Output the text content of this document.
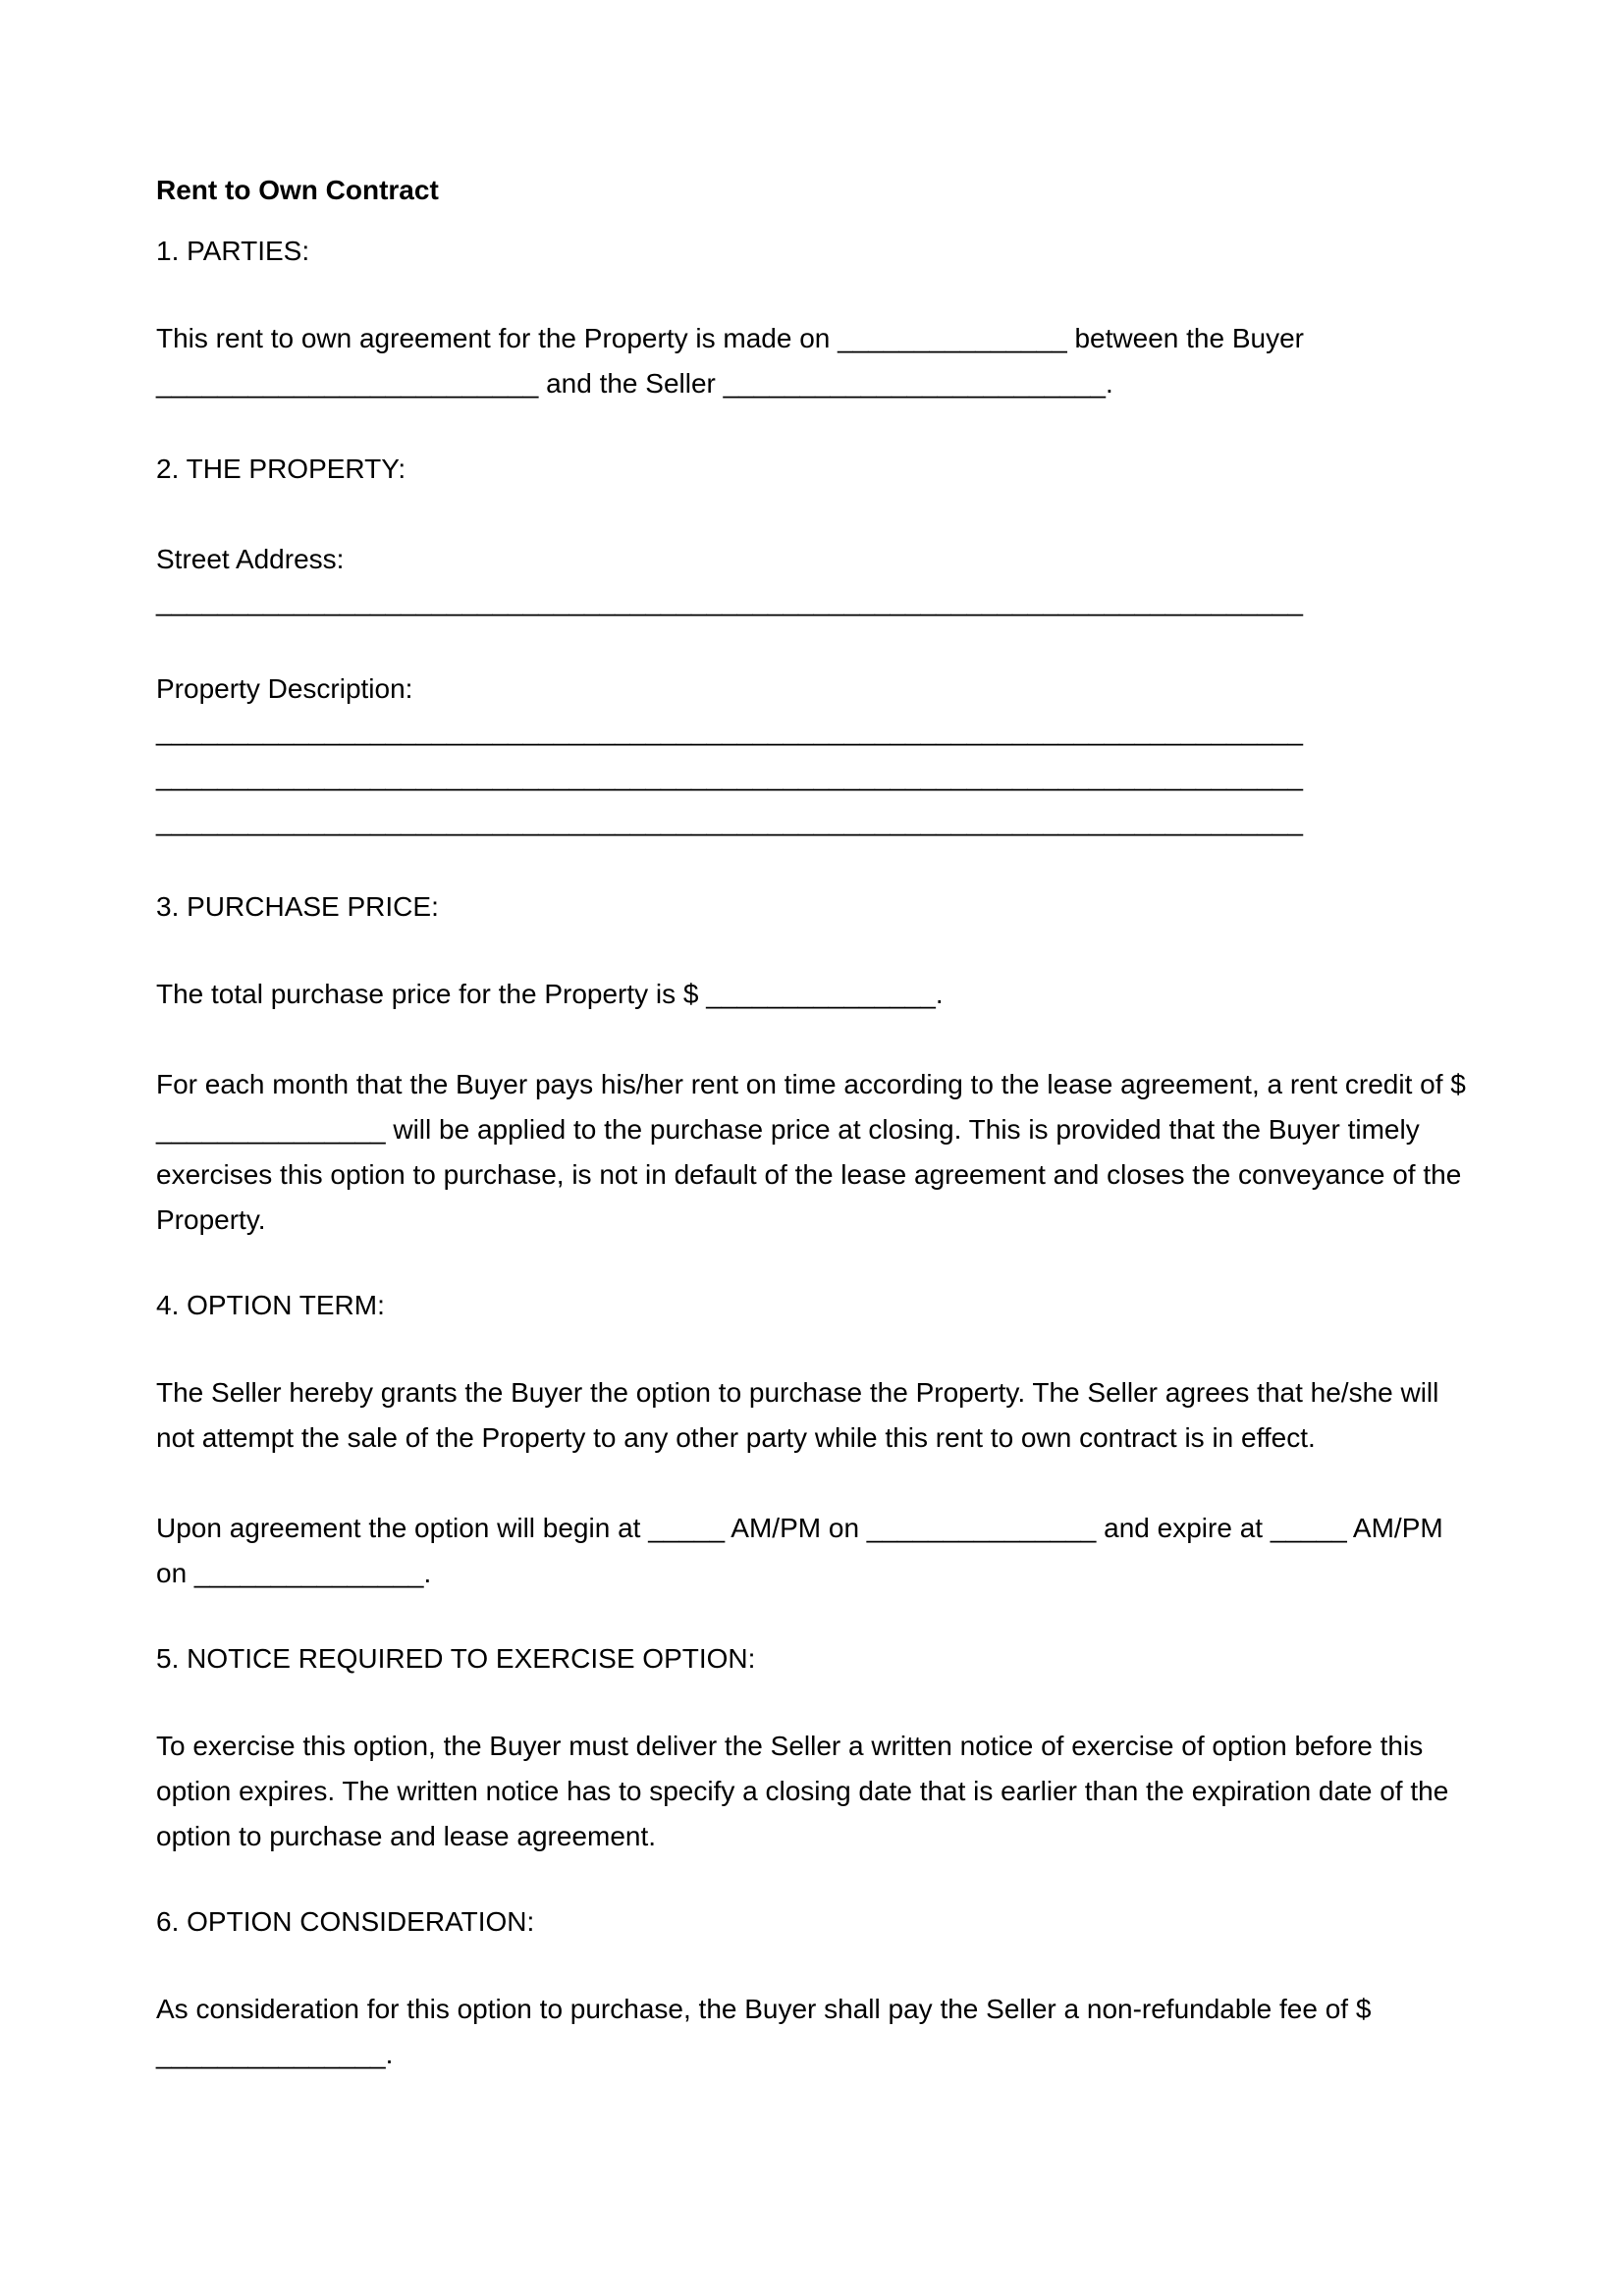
Rent to Own Contract

1. PARTIES:

This rent to own agreement for the Property is made on _______________ between the Buyer

_________________________ and the Seller _________________________.

2. THE PROPERTY:

Street Address:

___________________________________________________________________________

Property Description:

___________________________________________________________________________

___________________________________________________________________________

___________________________________________________________________________

3. PURCHASE PRICE:

The total purchase price for the Property is $ _______________.

For each month that the Buyer pays his/her rent on time according to the lease agreement, a rent credit of $

_______________ will be applied to the purchase price at closing. This is provided that the Buyer timely

exercises this option to purchase, is not in default of the lease agreement and closes the conveyance of the

Property.

4. OPTION TERM:

The Seller hereby grants the Buyer the option to purchase the Property. The Seller agrees that he/she will

not attempt the sale of the Property to any other party while this rent to own contract is in effect.

Upon agreement the option will begin at _____ AM/PM on _______________ and expire at _____ AM/PM

on _______________.

5. NOTICE REQUIRED TO EXERCISE OPTION:

To exercise this option, the Buyer must deliver the Seller a written notice of exercise of option before this

option expires. The written notice has to specify a closing date that is earlier than the expiration date of the

option to purchase and lease agreement.

6. OPTION CONSIDERATION:

As consideration for this option to purchase, the Buyer shall pay the Seller a non-refundable fee of $

_______________.
